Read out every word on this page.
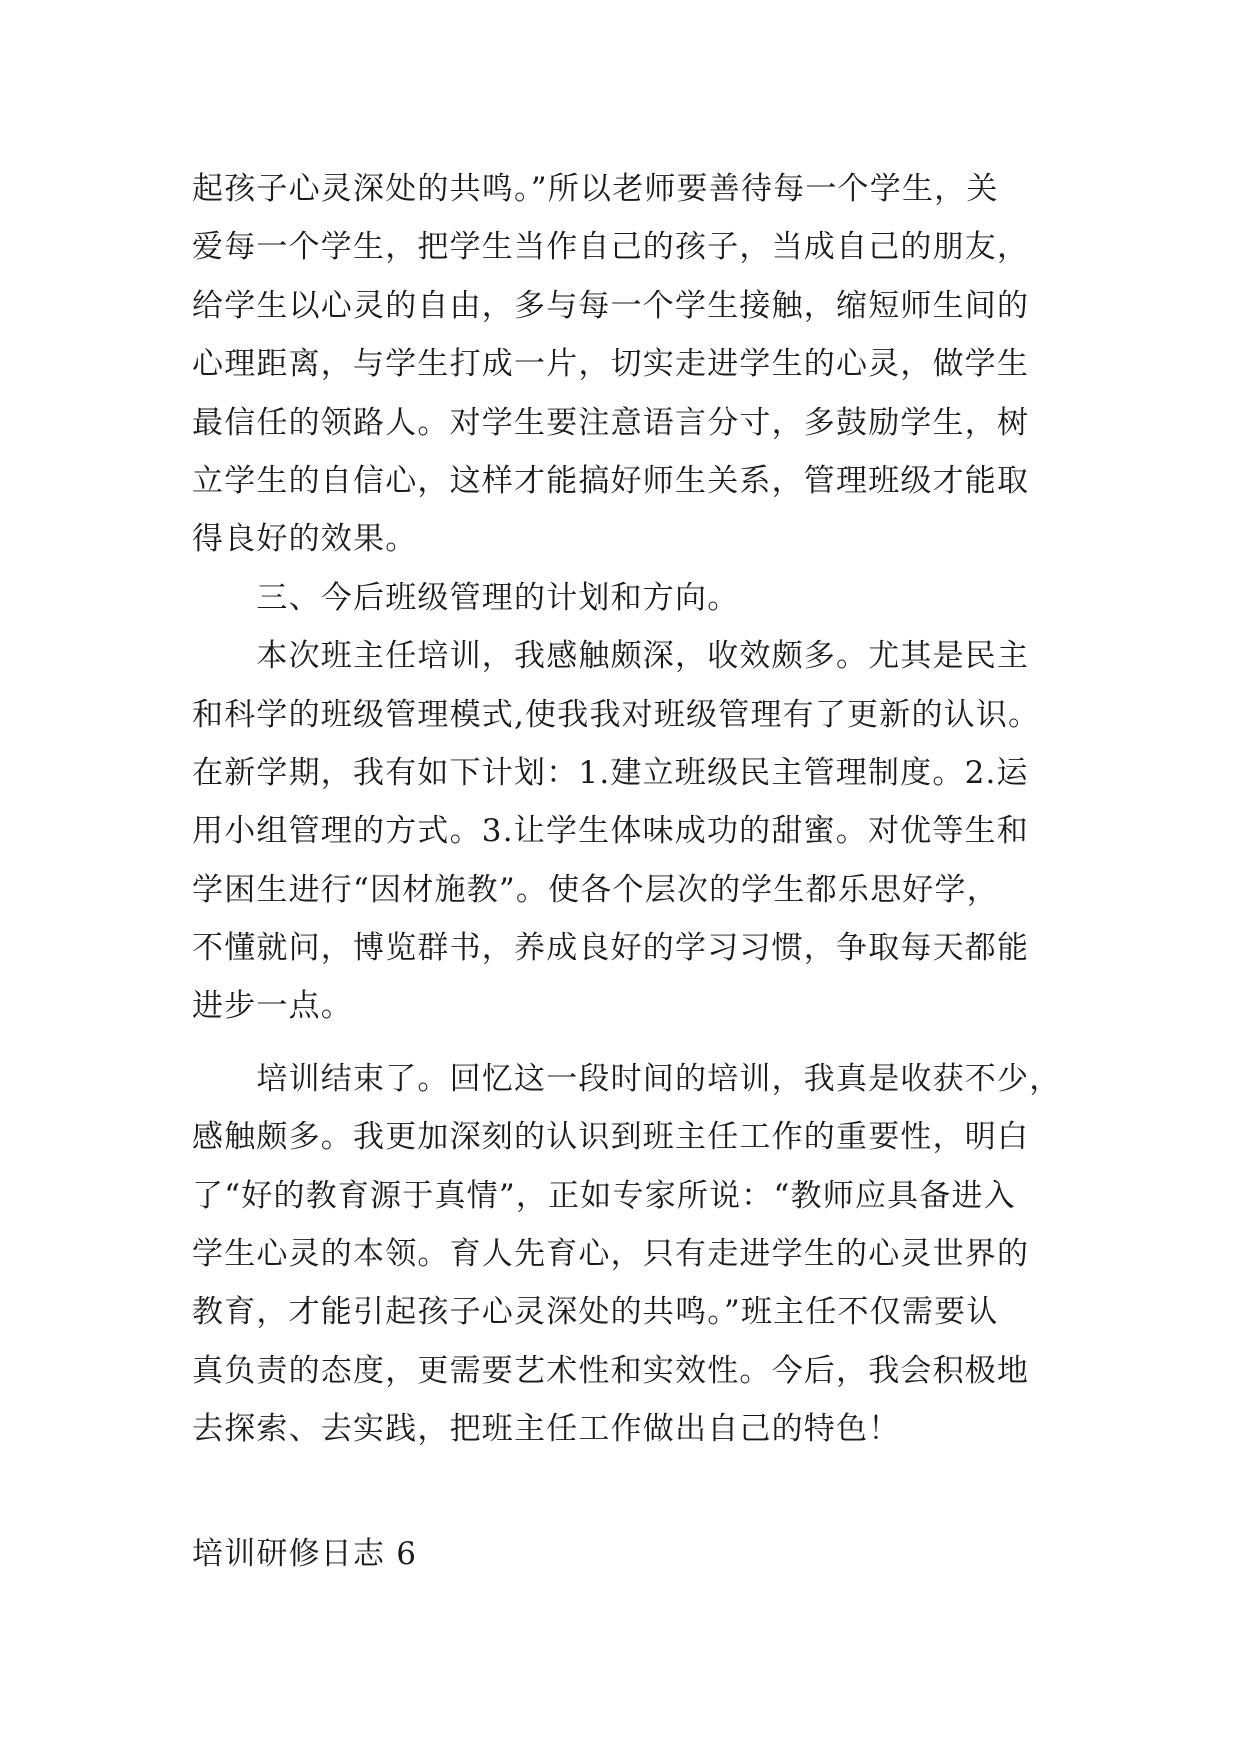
起孩子心灵深处的共鸣。”所以老师要善待每一个学生，关
爱每一个学生，把学生当作自己的孩子，当成自己的朋友，
给学生以心灵的自由，多与每一个学生接触，缩短师生间的
心理距离，与学生打成一片，切实走进学生的心灵，做学生
最信任的领路人。对学生要注意语言分寸，多鼓励学生，树
立学生的自信心，这样才能搞好师生关系，管理班级才能取
得良好的效果。
　　三、今后班级管理的计划和方向。
　　本次班主任培训，我感触颇深，收效颇多。尤其是民主
和科学的班级管理模式,使我我对班级管理有了更新的认识。
在新学期，我有如下计划：1.建立班级民主管理制度。2.运
用小组管理的方式。3.让学生体味成功的甜蜜。对优等生和
学困生进行“因材施教”。使各个层次的学生都乐思好学，
不懂就问，博览群书，养成良好的学习习惯，争取每天都能
进步一点。
　　培训结束了。回忆这一段时间的培训，我真是收获不少，
感触颇多。我更加深刻的认识到班主任工作的重要性，明白
了“好的教育源于真情”，正如专家所说：“教师应具备进入
学生心灵的本领。育人先育心，只有走进学生的心灵世界的
教育，才能引起孩子心灵深处的共鸣。”班主任不仅需要认
真负责的态度，更需要艺术性和实效性。今后，我会积极地
去探索、去实践，把班主任工作做出自己的特色！
培训研修日志 6
